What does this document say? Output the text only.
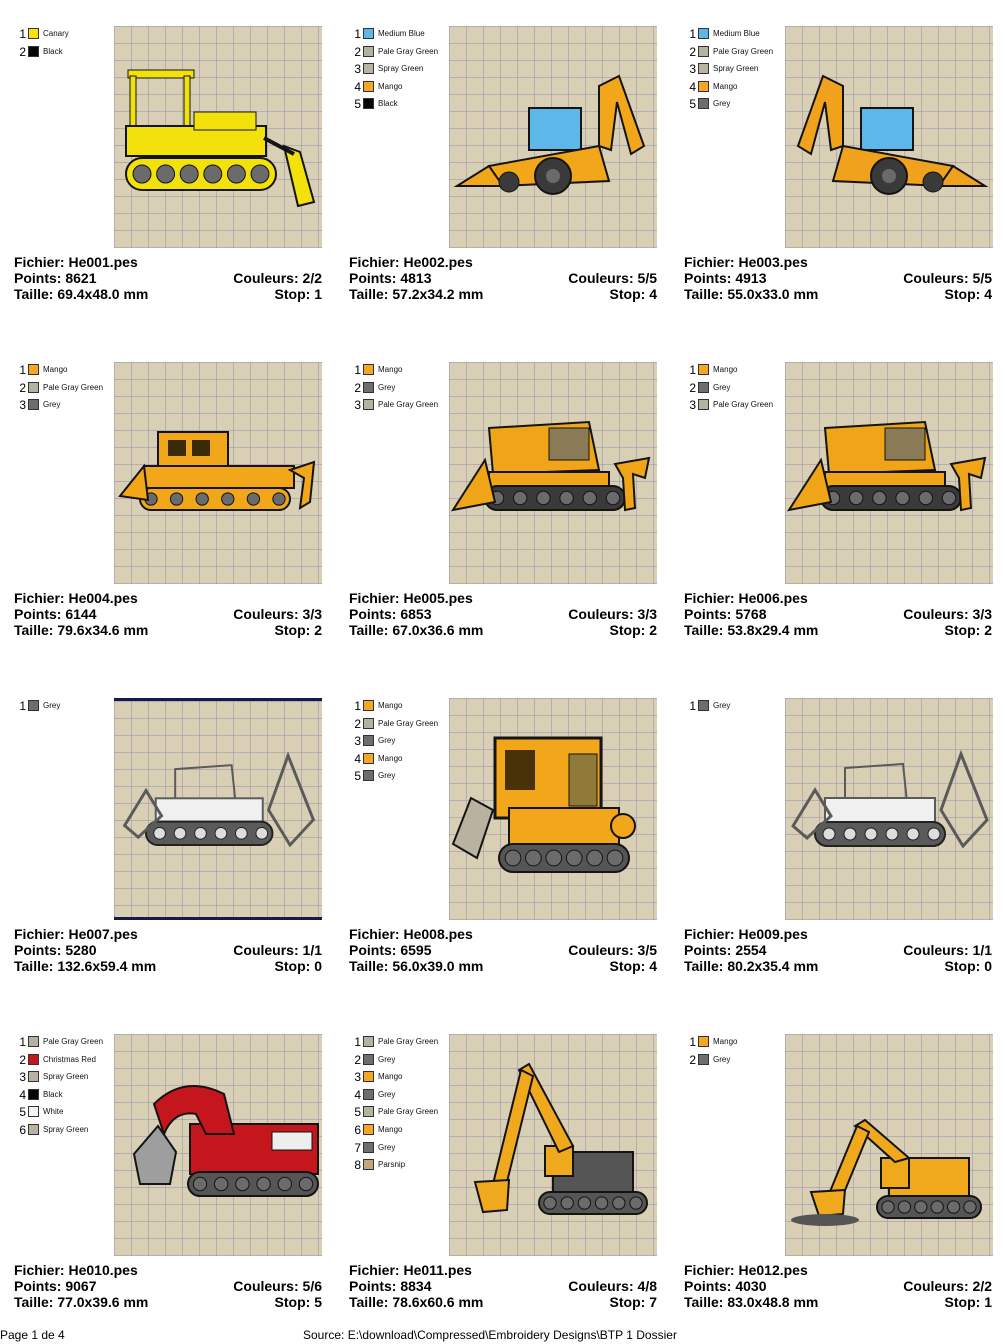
1 Canary
2 Black
Fichier: He001.pes
Points: 8621	Couleurs: 2/2
Taille: 69.4x48.0 mm	Stop: 1
1 Medium Blue
2 Pale Gray Green
3 Spray Green
4 Mango
5 Black
Fichier: He002.pes
Points: 4813	Couleurs: 5/5
Taille: 57.2x34.2 mm	Stop: 4
1 Medium Blue
2 Pale Gray Green
3 Spray Green
4 Mango
5 Grey
Fichier: He003.pes
Points: 4913	Couleurs: 5/5
Taille: 55.0x33.0 mm	Stop: 4
1 Mango
2 Pale Gray Green
3 Grey
Fichier: He004.pes
Points: 6144	Couleurs: 3/3
Taille: 79.6x34.6 mm	Stop: 2
1 Mango
2 Grey
3 Pale Gray Green
Fichier: He005.pes
Points: 6853	Couleurs: 3/3
Taille: 67.0x36.6 mm	Stop: 2
1 Mango
2 Grey
3 Pale Gray Green
Fichier: He006.pes
Points: 5768	Couleurs: 3/3
Taille: 53.8x29.4 mm	Stop: 2
1 Grey
Fichier: He007.pes
Points: 5280	Couleurs: 1/1
Taille: 132.6x59.4 mm	Stop: 0
1 Mango
2 Pale Gray Green
3 Grey
4 Mango
5 Grey
Fichier: He008.pes
Points: 6595	Couleurs: 3/5
Taille: 56.0x39.0 mm	Stop: 4
1 Grey
Fichier: He009.pes
Points: 2554	Couleurs: 1/1
Taille: 80.2x35.4 mm	Stop: 0
1 Pale Gray Green
2 Christmas Red
3 Spray Green
4 Black
5 White
6 Spray Green
Fichier: He010.pes
Points: 9067	Couleurs: 5/6
Taille: 77.0x39.6 mm	Stop: 5
1 Pale Gray Green
2 Grey
3 Mango
4 Grey
5 Pale Gray Green
6 Mango
7 Grey
8 Parsnip
Fichier: He011.pes
Points: 8834	Couleurs: 4/8
Taille: 78.6x60.6 mm	Stop: 7
1 Mango
2 Grey
Fichier: He012.pes
Points: 4030	Couleurs: 2/2
Taille: 83.0x48.8 mm	Stop: 1
Page 1 de 4	Source: E:\download\Compressed\Embroidery Designs\BTP 1 Dossier
